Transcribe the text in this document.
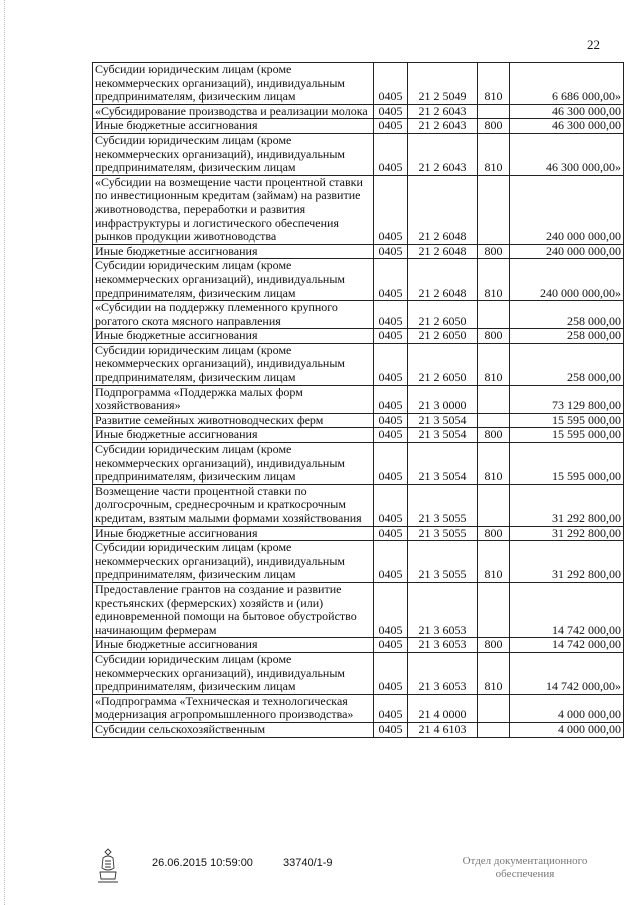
22
Субсидии юридическим лицам (кроме некоммерческих организаций), индивидуальным предпринимателям, физическим лицам	0405	21 2 5049	810	6 686 000,00»
«Субсидирование производства и реализации молока	0405	21 2 6043		46 300 000,00
Иные бюджетные ассигнования	0405	21 2 6043	800	46 300 000,00
Субсидии юридическим лицам (кроме некоммерческих организаций), индивидуальным предпринимателям, физическим лицам	0405	21 2 6043	810	46 300 000,00»
«Субсидии на возмещение части процентной ставки по инвестиционным кредитам (займам) на развитие животноводства, переработки и развития инфраструктуры и логистического обеспечения рынков продукции животноводства	0405	21 2 6048		240 000 000,00
Иные бюджетные ассигнования	0405	21 2 6048	800	240 000 000,00
Субсидии юридическим лицам (кроме некоммерческих организаций), индивидуальным предпринимателям, физическим лицам	0405	21 2 6048	810	240 000 000,00»
«Субсидии на поддержку племенного крупного рогатого скота мясного направления	0405	21 2 6050		258 000,00
Иные бюджетные ассигнования	0405	21 2 6050	800	258 000,00
Субсидии юридическим лицам (кроме некоммерческих организаций), индивидуальным предпринимателям, физическим лицам	0405	21 2 6050	810	258 000,00
Подпрограмма «Поддержка малых форм хозяйствования»	0405	21 3 0000		73 129 800,00
Развитие семейных животноводческих ферм	0405	21 3 5054		15 595 000,00
Иные бюджетные ассигнования	0405	21 3 5054	800	15 595 000,00
Субсидии юридическим лицам (кроме некоммерческих организаций), индивидуальным предпринимателям, физическим лицам	0405	21 3 5054	810	15 595 000,00
Возмещение части процентной ставки по долгосрочным, среднесрочным и краткосрочным кредитам, взятым малыми формами хозяйствования	0405	21 3 5055		31 292 800,00
Иные бюджетные ассигнования	0405	21 3 5055	800	31 292 800,00
Субсидии юридическим лицам (кроме некоммерческих организаций), индивидуальным предпринимателям, физическим лицам	0405	21 3 5055	810	31 292 800,00
Предоставление грантов на создание и развитие крестьянских (фермерских) хозяйств и (или) единовременной помощи на бытовое обустройство начинающим фермерам	0405	21 3 6053		14 742 000,00
Иные бюджетные ассигнования	0405	21 3 6053	800	14 742 000,00
Субсидии юридическим лицам (кроме некоммерческих организаций), индивидуальным предпринимателям, физическим лицам	0405	21 3 6053	810	14 742 000,00»
«Подпрограмма «Техническая и технологическая модернизация агропромышленного производства»	0405	21 4 0000		4 000 000,00
Субсидии сельскохозяйственным	0405	21 4 6103		4 000 000,00
26.06.2015 10:59:00	33740/1-9	Отдел документационного
обеспечения
